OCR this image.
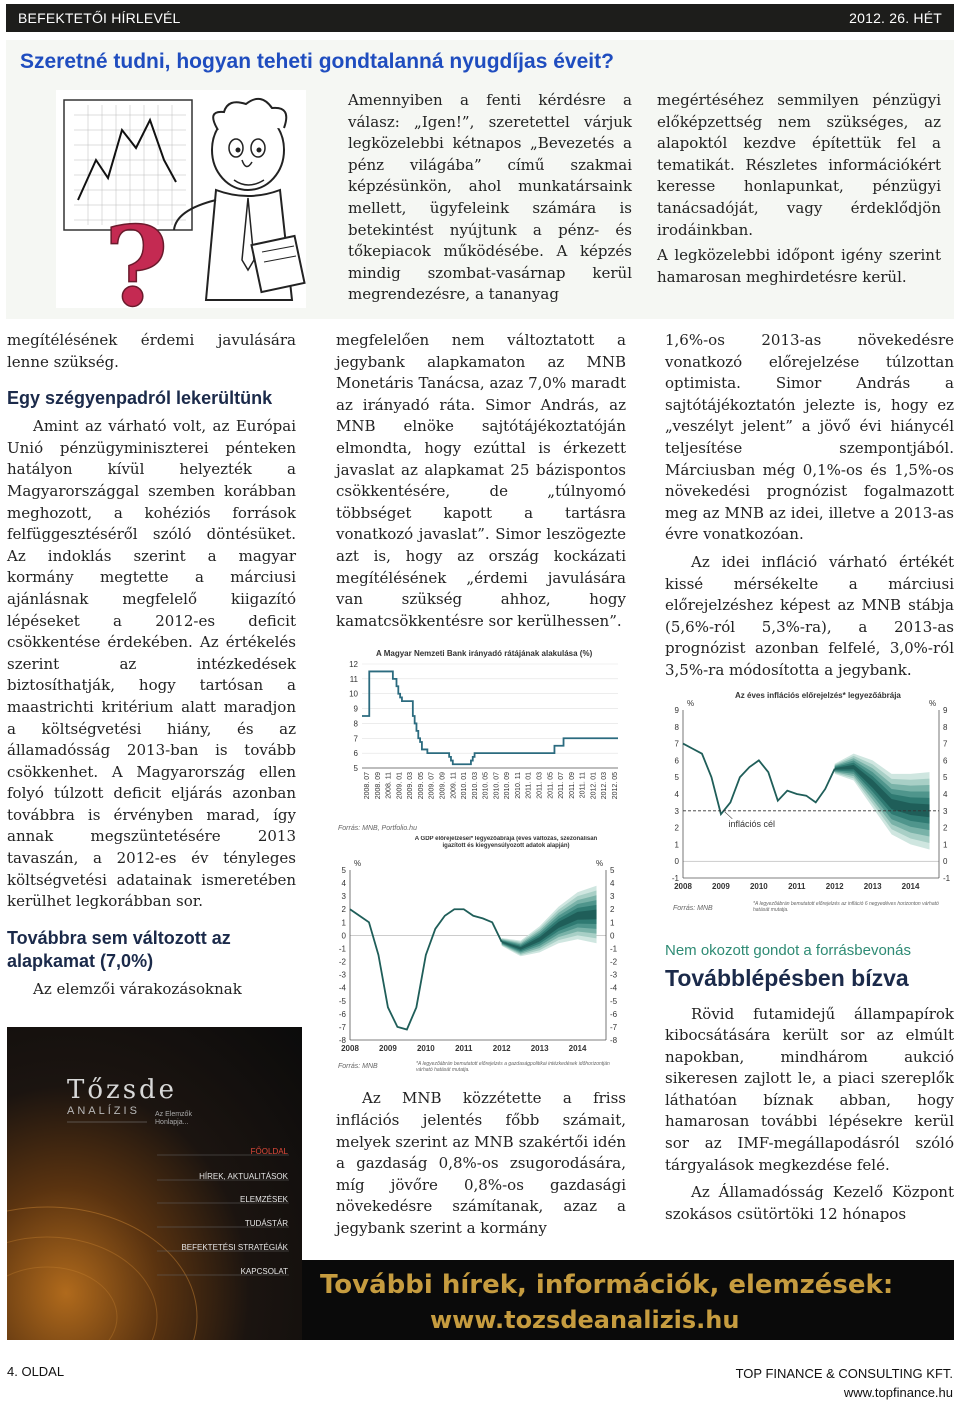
BEFEKTETŐI HÍRLEVÉL	2012. 26. HÉT
Szeretné tudni, hogyan teheti gondtalanná nyugdíjas éveit?
?
Amennyiben a fenti kérdésre a válasz: „Igen!”, szeretettel várjuk legközelebbi kétnapos „Bevezetés a pénz világába” című szakmai képzésünkön, ahol munkatársaink mellett, ügyfeleink számára is betekintést nyújtunk a pénz- és tőkepiacok működésébe. A képzés mindig szombat-vasárnap kerül megrendezésre, a tananyag
megértéséhez semmilyen pénzügyi előképzettség nem szükséges, az alapoktól kezdve építettük fel a tematikát. Részletes információkért keresse honlapunkat, pénzügyi tanácsadóját, vagy érdeklődjön irodáinkban.
A legközelebbi időpont igény szerint hamarosan meghirdetésre kerül.
megítélésének érdemi javulására lenne szükség.
Egy szégyenpadról lekerültünk
Amint az várható volt, az Európai Unió pénzügyminiszterei pénteken hatályon kívül helyezték a Magyarországgal szemben korábban meghozott, a kohéziós források felfüggesztéséről szóló döntésüket. Az indoklás szerint a magyar kormány megtette a márciusi ajánlásnak megfelelő kiigazító lépéseket a 2012-es deficit csökkentése érdekében. Az értékelés szerint az intézkedések biztosíthatják, hogy tartósan a maastrichti kritérium alatt maradjon a költségvetési hiány, és az államadósság 2013-ban is tovább csökkenhet. A Magyarország ellen folyó túlzott deficit eljárás azonban továbbra is érvényben marad, így annak megszüntetésére 2013 tavaszán, a 2012-es év tényleges költségvetési adatainak ismeretében kerülhet legkorábban sor.
Továbbra sem változott az alapkamat (7,0%)
Az elemzői várakozásoknak
megfelelően nem változtatott a jegybank alapkamaton az MNB Monetáris Tanácsa, azaz 7,0% maradt az irányadó ráta. Simor András, az MNB elnöke sajtótájékoztatóján elmondta, hogy ezúttal is érkezett javaslat az alapkamat 25 bázispontos csökkentésére, de „túlnyomó többséget kapott a tartásra vonatkozó javaslat”. Simor leszögezte azt is, hogy az ország kockázati megítélésének „érdemi javulására van szükség ahhoz, hogy kamatcsökkentésre sor kerülhessen”.
A Magyar Nemzeti Bank irányadó rátájának alakulása (%)
Forrás: MNB, Portfolio.hu
12
11
10
9
8
7
6
5
2008. 07 2008. 09 2008. 11 2009. 01 2009. 03 2009. 05 2009. 07 2009. 09 2009. 11 2010. 01 2010. 03 2010. 05 2010. 07 2010. 09 2010. 11 2011. 01 2011. 03 2011. 05 2011. 07 2011. 09 2011. 11 2012. 01 2012. 03 2012. 05
A GDP előrejelzései* legyezőábrája (éves változás, szezonálisan igazított és kiegyensúlyozott adatok alapján)
Forrás: MNB	*A legyezőábrán bemutatott előrejelzés a gazdaságpolitikai intézkedések időhorizontján várható hatását mutatja.
%	%
5	5
4	4
3	3
2	2
1	1
0	0
-1	-1
-2	-2
-3	-3
-4	-4
-5	-5
-6	-6
-7	-7
-8	-8
2008	2009	2010	2011	2012	2013	2014
Az MNB közzétette a friss inflációs jelentés főbb számait, melyek szerint az MNB szakértői idén a gazdaság 0,8%-os zsugorodására, míg jövőre 0,8%-os gazdasági növekedésre számítanak, azaz a jegybank szerint a kormány
1,6%-os 2013-as növekedésre vonatkozó előrejelzése túlzottan optimista. Simor András a sajtótájékoztatón jelezte is, hogy ez „veszélyt jelent” a jövő évi hiánycél teljesítése szempontjából. Márciusban még 0,1%-os és 1,5%-os növekedési prognózist fogalmazott meg az MNB az idei, illetve a 2013-as évre vonatkozóan.
Az idei infláció várható értékét kissé mérsékelte a márciusi előrejelzéshez képest az MNB stábja (5,6%-ról 5,3%-ra), a 2013-as prognózist azonban felfelé, 3,0%-ról 3,5%-ra módosította a jegybank.
Az éves inflációs előrejelzés* legyezőábrája
Forrás: MNB
*A legyezőábrán bemutatott előrejelzés az infláció 6 negyedéves horizonton várható hatását mutatja.
%	%
9	9
8	8
7	7
6	6
5	5
4	4
3	3
2	2
1	1
0	0
-1	-1
2008	2009	2010	2011	2012	2013	2014
inflációs cél
Nem okozott gondot a forrásbevonás
Továbblépésben bízva
Rövid futamidejű állampapírok kibocsátására került sor az elmúlt napokban, mindhárom aukció sikeresen zajlott le, a piaci szereplők láthatóan bíznak abban, hogy hamarosan további lépésekre kerül sor az IMF-megállapodásról szóló tárgyalások megkezdése felé.
Az Államadósság Kezelő Központ szokásos csütörtöki 12 hónapos
Tőzsde
ANALÍZIS Az Elemzők
Honlapja...
FŐOLDAL
HÍREK, AKTUALITÁSOK
ELEMZÉSEK
TUDÁSTÁR
BEFEKTETÉSI STRATÉGIÁK
KAPCSOLAT További hírek, információk, elemzések:
www.tozsdeanalizis.hu
4. OLDAL	TOP FINANCE & CONSULTING KFT.
www.topfinance.hu
